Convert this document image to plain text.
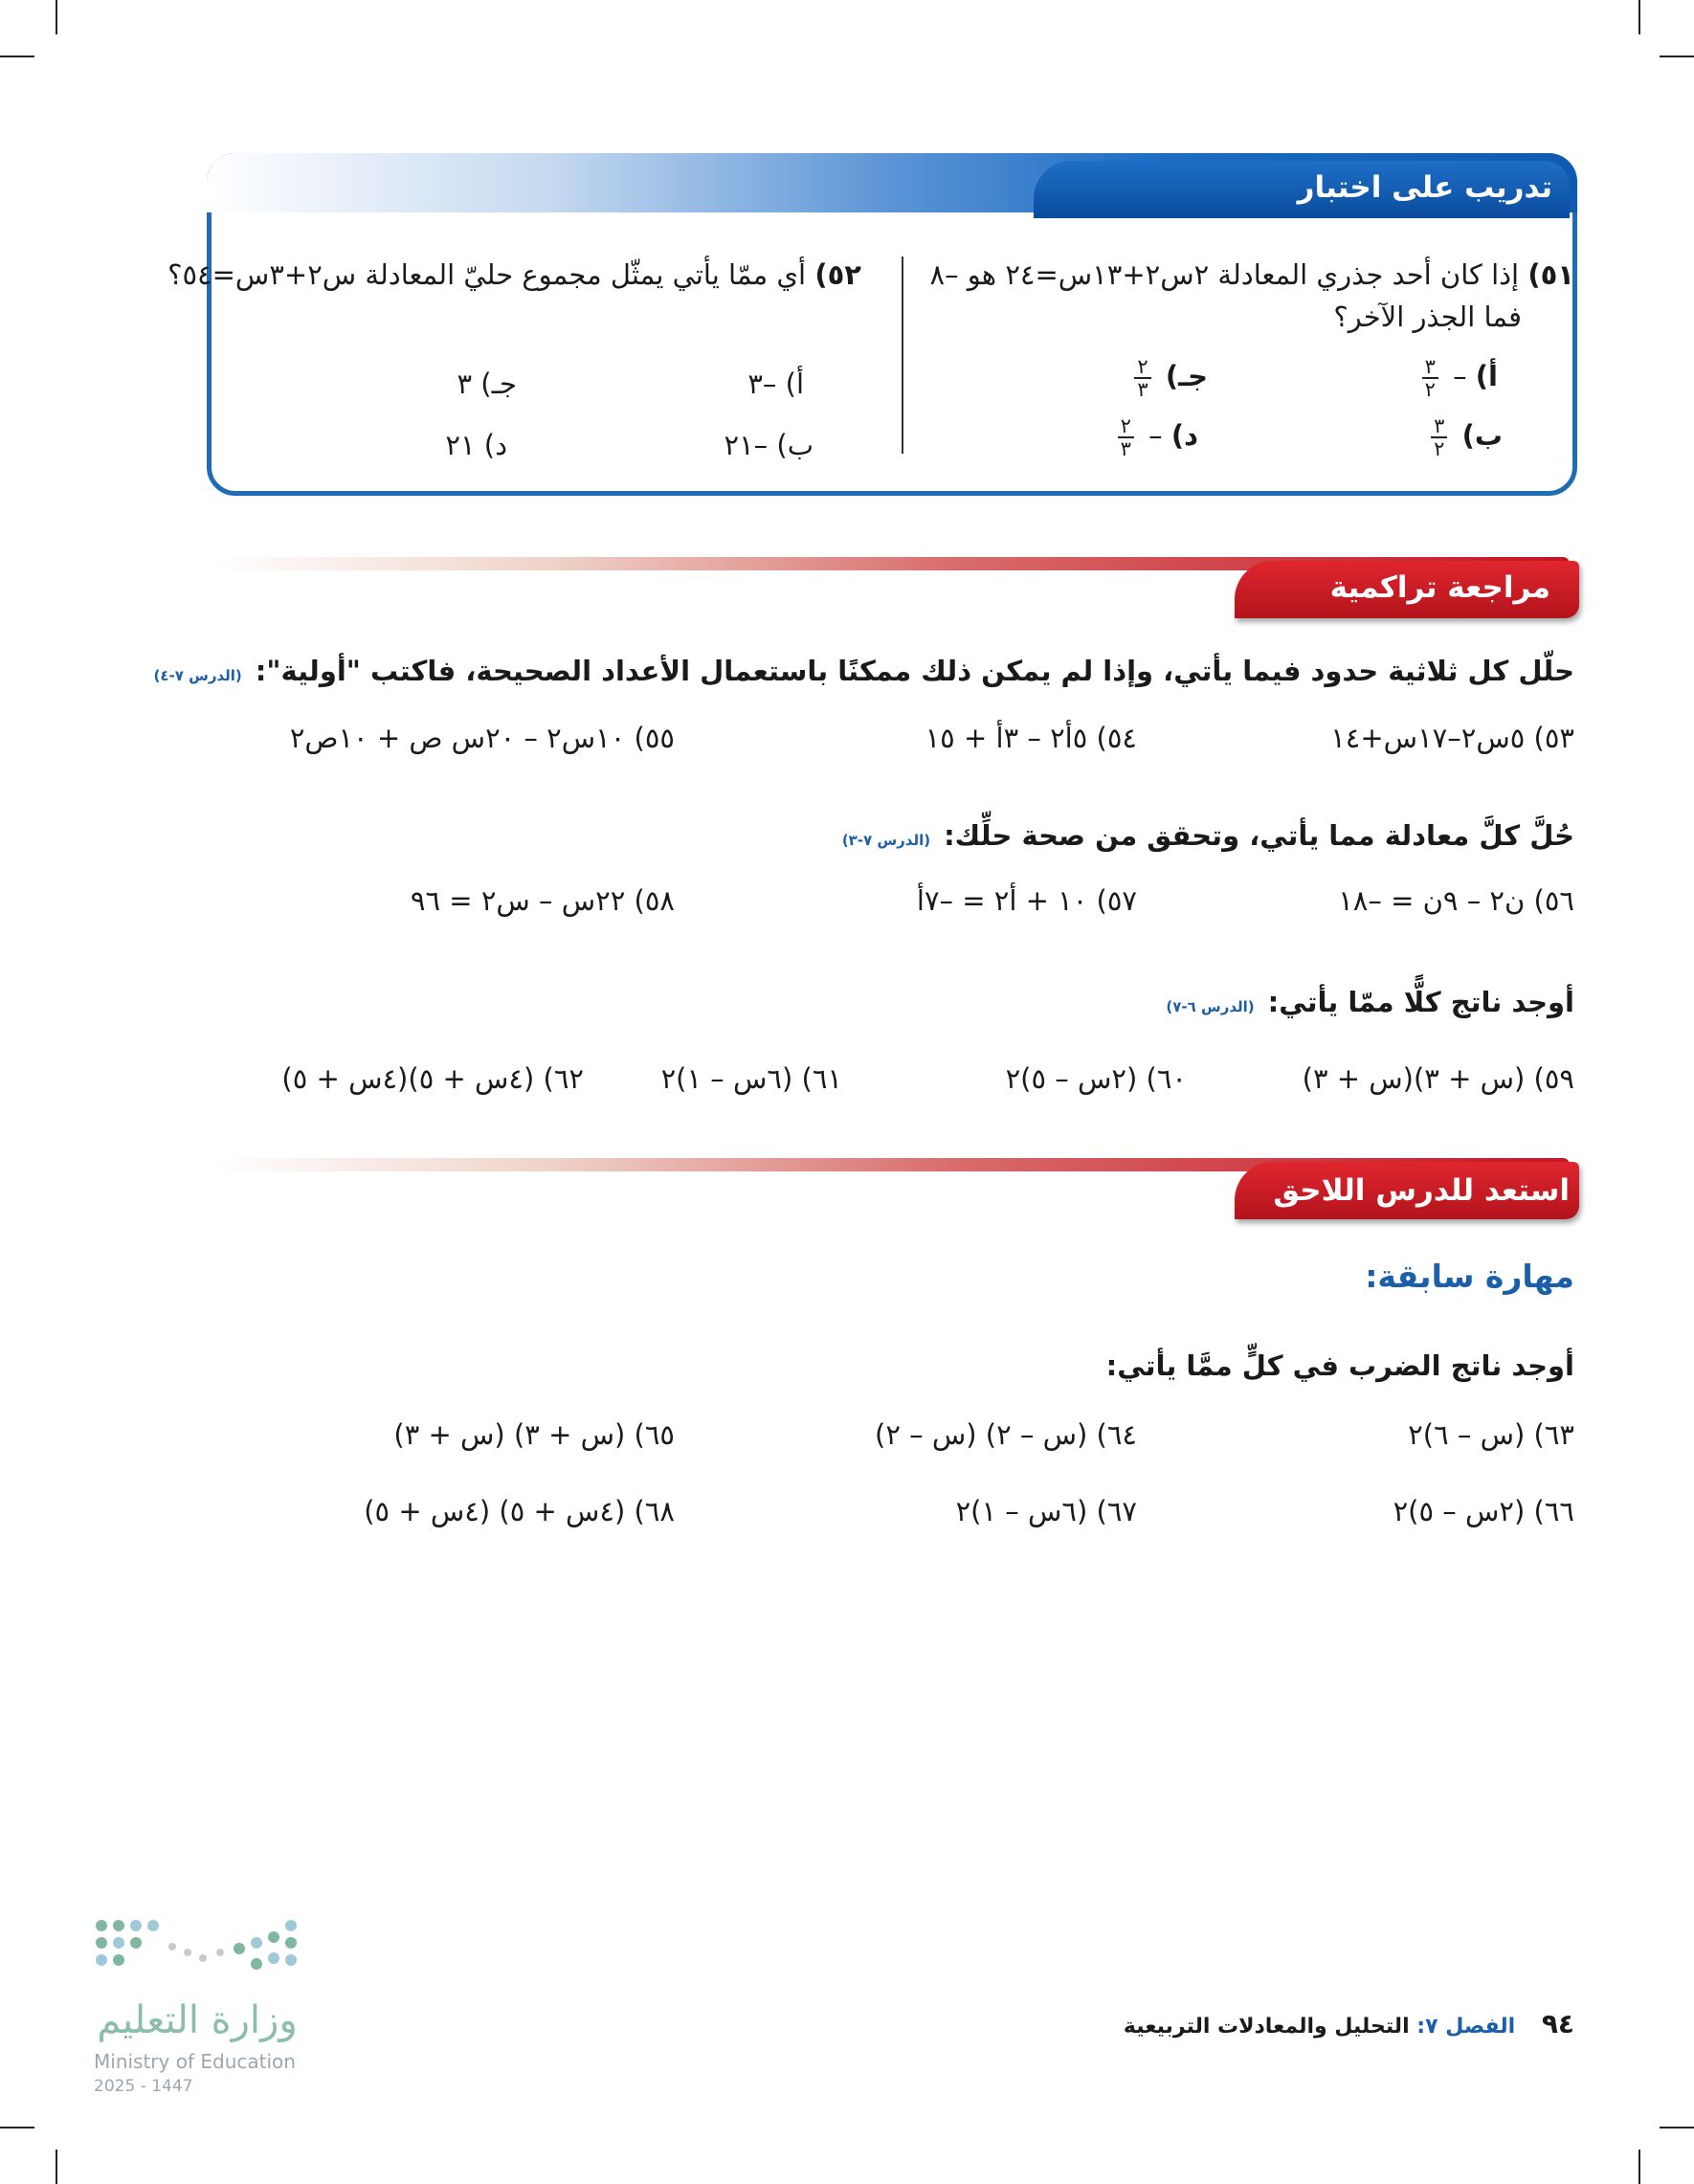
تدريب على اختبار
٥١) إذا كان أحد جذري المعادلة ٢س٢+١٣س=٢٤ هو –٨
فما الجذر الآخر؟
أ) –
$\frac{٣}{٢}$
ب)
$\frac{٣}{٢}$
جـ)
$\frac{٢}{٣}$
د) –
$\frac{٢}{٣}$
٥٢) أي ممّا يأتي يمثّل مجموع حليّ المعادلة س٢+٣س=٥٤؟
أ) –٣
ب) –٢١
جـ) ٣
د) ٢١
مراجعة تراكمية
حلّل كل ثلاثية حدود فيما يأتي، وإذا لم يمكن ذلك ممكنًا باستعمال الأعداد الصحيحة، فاكتب "أولية":(الدرس ٧-٤)
٥٣) ٥س٢–١٧س+١٤
٥٤) ٥أ٢ – ٣أ + ١٥
٥٥) ١٠س٢ – ٢٠س ص + ١٠ص٢
حُلَّ كلَّ معادلة مما يأتي، وتحقق من صحة حلِّك:(الدرس ٧-٣)
٥٦) ن٢ – ٩ن = –١٨
٥٧) ١٠ + أ٢ = –٧أ
٥٨) ٢٢س – س٢ = ٩٦
أوجد ناتج كلًّا ممّا يأتي:(الدرس ٦-٧)
٥٩) (س + ٣)(س + ٣)
٦٠) (٢س – ٥)٢
٦١) (٦س – ١)٢
٦٢) (٤س + ٥)(٤س + ٥)
استعد للدرس اللاحق
مهارة سابقة:
أوجد ناتج الضرب في كلٍّ ممَّا يأتي:
٦٣) (س – ٦)٢
٦٤) (س – ٢) (س – ٢)
٦٥) (س + ٣) (س + ٣)
٦٦) (٢س – ٥)٢
٦٧) (٦س – ١)٢
٦٨) (٤س + ٥) (٤س + ٥)
وزارة التعليم
Ministry of Education
2025 - 1447
٩٤ الفصل ٧: التحليل والمعادلات التربيعية
